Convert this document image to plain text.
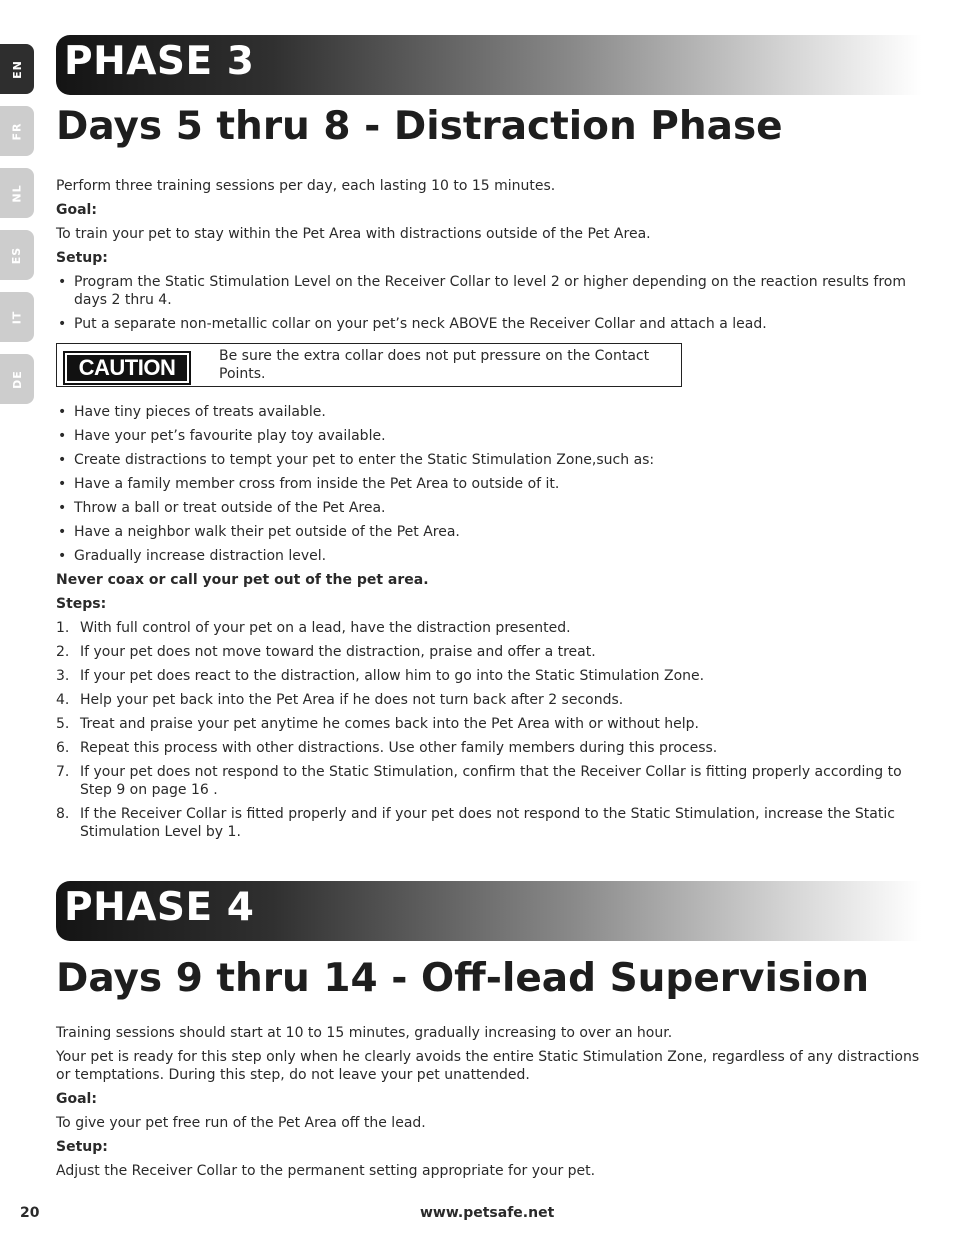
EN
FR
NL
ES
IT
DE
PHASE 3
Days 5 thru 8 - Distraction Phase

Perform three training sessions per day, each lasting 10 to 15 minutes.

Goal:

To train your pet to stay within the Pet Area with distractions outside of the Pet Area.

Setup:
• Program the Static Stimulation Level on the Receiver Collar to level 2 or higher depending on the reaction results from days 2 thru 4.
• Put a separate non-metallic collar on your pet’s neck ABOVE the Receiver Collar and attach a lead.
CAUTION	Be sure the extra collar does not put pressure on the Contact Points.
• Have tiny pieces of treats available.
• Have your pet’s favourite play toy available.
• Create distractions to tempt your pet to enter the Static Stimulation Zone,such as:
• Have a family member cross from inside the Pet Area to outside of it.
• Throw a ball or treat outside of the Pet Area.
• Have a neighbor walk their pet outside of the Pet Area.
• Gradually increase distraction level.
Never coax or call your pet out of the pet area.
Steps:
1. With full control of your pet on a lead, have the distraction presented.
2. If your pet does not move toward the distraction, praise and offer a treat.
3. If your pet does react to the distraction, allow him to go into the Static Stimulation Zone.
4. Help your pet back into the Pet Area if he does not turn back after 2 seconds.
5. Treat and praise your pet anytime he comes back into the Pet Area with or without help.
6. Repeat this process with other distractions. Use other family members during this process.
7. If your pet does not respond to the Static Stimulation, confirm that the Receiver Collar is fitting properly according to Step 9 on page 16 .
8. If the Receiver Collar is fitted properly and if your pet does not respond to the Static Stimulation, increase the Static Stimulation Level by 1.
PHASE 4
Days 9 thru 14 - Off-lead Supervision

Training sessions should start at 10 to 15 minutes, gradually increasing to over an hour.

Your pet is ready for this step only when he clearly avoids the entire Static Stimulation Zone, regardless of any distractions or temptations. During this step, do not leave your pet unattended.

Goal:

To give your pet free run of the Pet Area off the lead.

Setup:

Adjust the Receiver Collar to the permanent setting appropriate for your pet.

20	www.petsafe.net
